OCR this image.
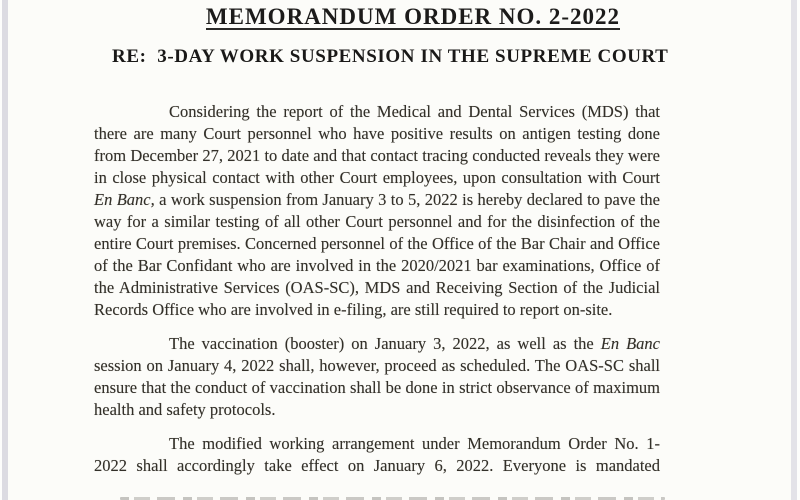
MEMORANDUM ORDER NO. 2-2022

RE:  3-DAY WORK SUSPENSION IN THE SUPREME COURT

Considering the report of the Medical and Dental Services (MDS) that there are many Court personnel who have positive results on antigen testing done from December 27, 2021 to date and that contact tracing conducted reveals they were in close physical contact with other Court employees, upon consultation with Court En Banc, a work suspension from January 3 to 5, 2022 is hereby declared to pave the way for a similar testing of all other Court personnel and for the disinfection of the entire Court premises. Concerned personnel of the Office of the Bar Chair and Office of the Bar Confidant who are involved in the 2020/2021 bar examinations, Office of the Administrative Services (OAS-SC), MDS and Receiving Section of the Judicial Records Office who are involved in e-filing, are still required to report on-site.

The vaccination (booster) on January 3, 2022, as well as the En Banc session on January 4, 2022 shall, however, proceed as scheduled. The OAS-SC shall ensure that the conduct of vaccination shall be done in strict observance of maximum health and safety protocols.

The modified working arrangement under Memorandum Order No. 1-2022 shall accordingly take effect on January 6, 2022. Everyone is mandated
